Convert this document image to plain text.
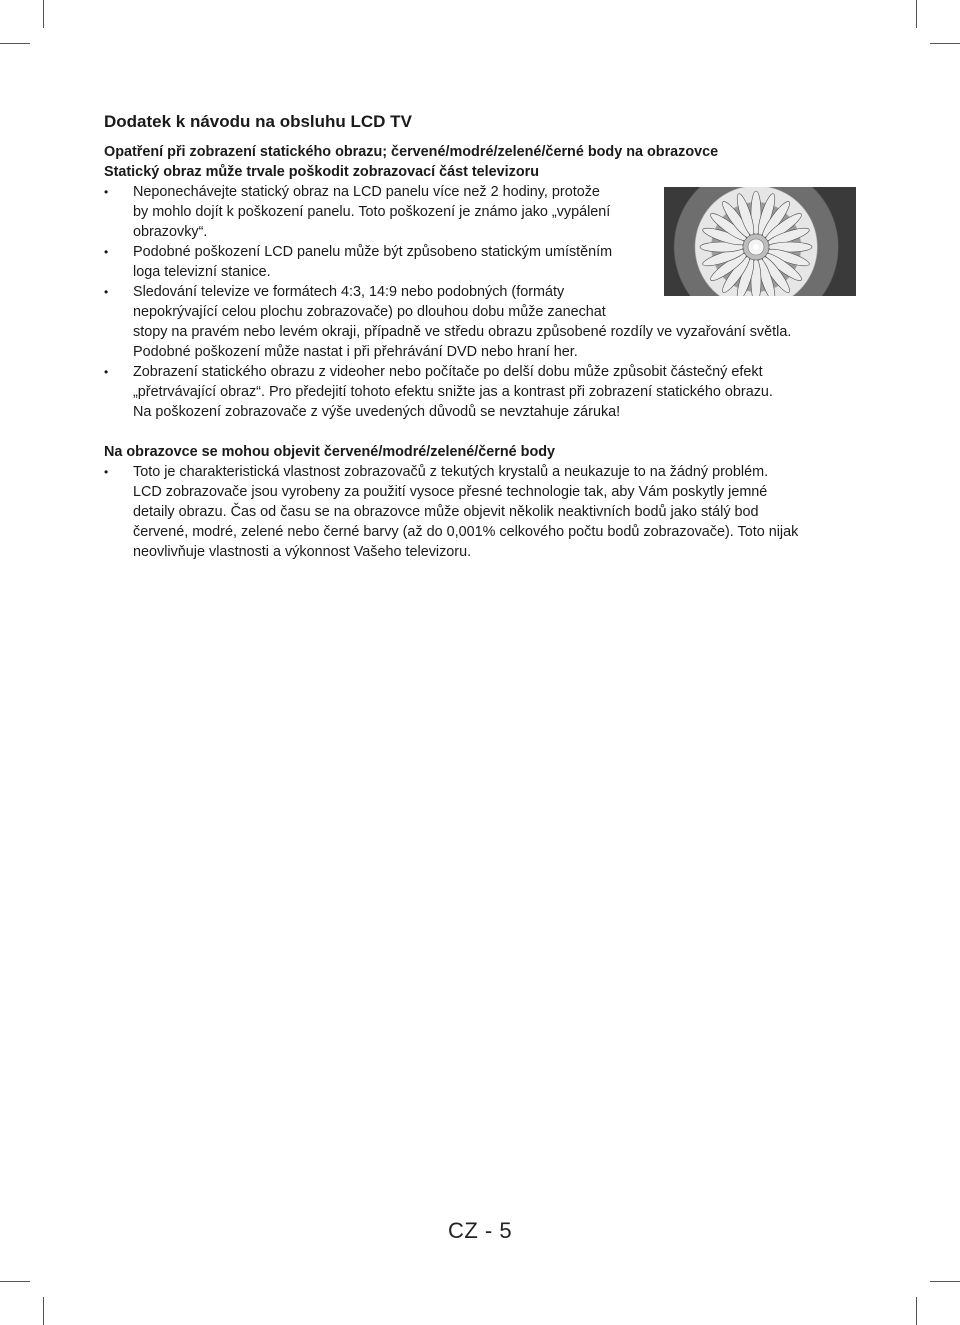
Dodatek k návodu na obsluhu LCD TV

Opatření při zobrazení statického obrazu; červené/modré/zelené/černé body na obrazovce

Statický obraz může trvale poškodit zobrazovací část televizoru

• Neponechávejte statický obraz na LCD panelu více než 2 hodiny, protože
by mohlo dojít k poškození panelu. Toto poškození je známo jako „vypálení
obrazovky“.
• Podobné poškození LCD panelu může být způsobeno statickým umístěním
loga televizní stanice.
• Sledování televize ve formátech 4:3, 14:9 nebo podobných (formáty
nepokrývající celou plochu zobrazovače) po dlouhou dobu může zanechat
stopy na pravém nebo levém okraji, případně ve středu obrazu způsobené rozdíly ve vyzařování světla.
Podobné poškození může nastat i při přehrávání DVD nebo hraní her.
• Zobrazení statického obrazu z videoher nebo počítače po delší dobu může způsobit částečný efekt
„přetrvávající obraz“. Pro předejití tohoto efektu snižte jas a kontrast při zobrazení statického obrazu.
Na poškození zobrazovače z výše uvedených důvodů se nevztahuje záruka!

Na obrazovce se mohou objevit červené/modré/zelené/černé body

• Toto je charakteristická vlastnost zobrazovačů z tekutých krystalů a neukazuje to na žádný problém.
LCD zobrazovače jsou vyrobeny za použití vysoce přesné technologie tak, aby Vám poskytly jemné
detaily obrazu. Čas od času se na obrazovce může objevit několik neaktivních bodů jako stálý bod
červené, modré, zelené nebo černé barvy (až do 0,001% celkového počtu bodů zobrazovače). Toto nijak
neovlivňuje vlastnosti a výkonnost Vašeho televizoru.
CZ - 5
